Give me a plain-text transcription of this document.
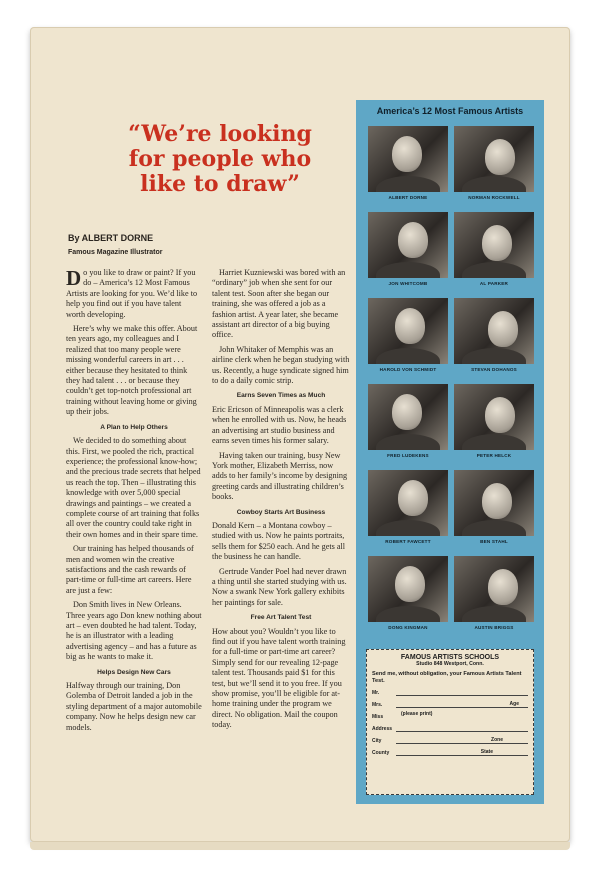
“We’re looking
for people who
like to draw”
By ALBERT DORNE
Famous Magazine Illustrator

Do you like to draw or paint? If you do – America’s 12 Most Famous Artists are looking for you. We’d like to help you find out if you have talent worth developing.

Here’s why we make this offer. About ten years ago, my colleagues and I realized that too many people were missing wonderful careers in art . . . either because they hesitated to think they had talent . . . or because they couldn’t get top-notch professional art training without leaving home or giving up their jobs.

A Plan to Help Others

We decided to do something about this. First, we pooled the rich, practical experience; the professional know-how; and the precious trade secrets that helped us reach the top. Then – illustrating this knowledge with over 5,000 special drawings and paintings – we created a complete course of art training that folks all over the country could take right in their own homes and in their spare time.

Our training has helped thousands of men and women win the creative satisfactions and the cash rewards of part-time or full-time art careers. Here are just a few:

Don Smith lives in New Orleans. Three years ago Don knew nothing about art – even doubted he had talent. Today, he is an illustrator with a leading advertising agency – and has a future as big as he wants to make it.

Helps Design New Cars

Halfway through our training, Don Golemba of Detroit landed a job in the styling department of a major automobile company. Now he helps design new car models.

Harriet Kuzniewski was bored with an “ordinary” job when she sent for our talent test. Soon after she began our training, she was offered a job as a fashion artist. A year later, she became assistant art director of a big buying office.

John Whitaker of Memphis was an airline clerk when he began studying with us. Recently, a huge syndicate signed him to do a daily comic strip.

Earns Seven Times as Much

Eric Ericson of Minneapolis was a clerk when he enrolled with us. Now, he heads an advertising art studio business and earns seven times his former salary.

Having taken our training, busy New York mother, Elizabeth Merriss, now adds to her family’s income by designing greeting cards and illustrating children’s books.

Cowboy Starts Art Business

Donald Kern – a Montana cowboy – studied with us. Now he paints portraits, sells them for $250 each. And he gets all the business he can handle.

Gertrude Vander Poel had never drawn a thing until she started studying with us. Now a swank New York gallery exhibits her paintings for sale.

Free Art Talent Test

How about you? Wouldn’t you like to find out if you have talent worth training for a full-time or part-time art career? Simply send for our revealing 12-page talent test. Thousands paid $1 for this test, but we’ll send it to you free. If you show promise, you’ll be eligible for at-home training under the program we direct. No obligation. Mail the coupon today.

America’s 12 Most Famous Artists
ALBERT DORNE	NORMAN ROCKWELL
JON WHITCOMB	AL PARKER
HAROLD VON SCHMIDT	STEVAN DOHANOS
FRED LUDEKENS	PETER HELCK
ROBERT FAWCETT	BEN STAHL
DONG KINGMAN	AUSTIN BRIGGS
FAMOUS ARTISTS SCHOOLS
Studio 848 Westport, Conn.
Send me, without obligation, your Famous Artists Talent Test.
Mr.
Mrs.	Age
Miss	(please print)
Address
City	Zone
County	State
